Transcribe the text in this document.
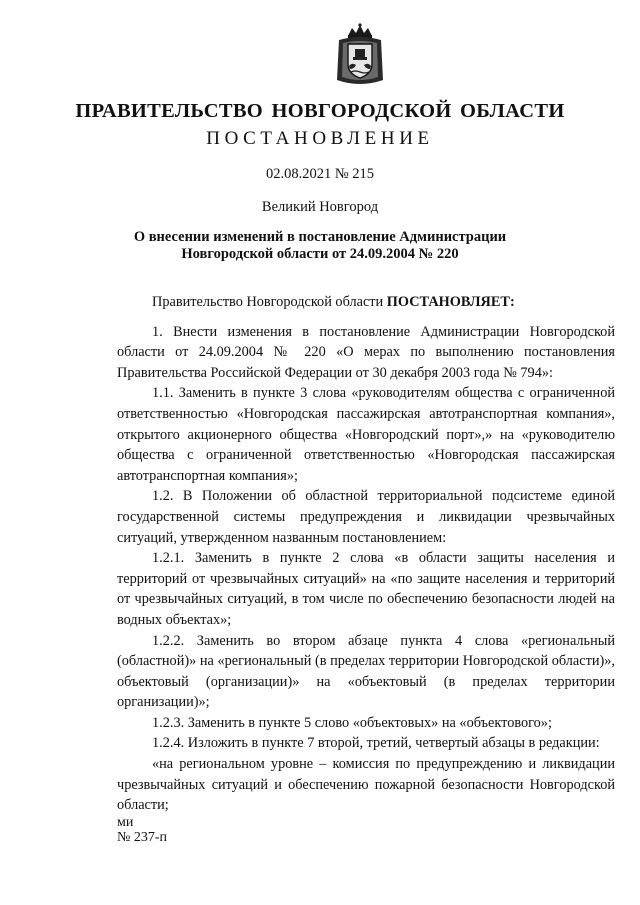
ПРАВИТЕЛЬСТВО НОВГОРОДСКОЙ ОБЛАСТИ
ПОСТАНОВЛЕНИЕ
02.08.2021 № 215
Великий Новгород
О внесении изменений в постановление Администрации
Новгородской области от 24.09.2004 № 220

Правительство Новгородской области ПОСТАНОВЛЯЕТ:

1. Внести изменения в постановление Администрации Новгородской области от 24.09.2004 № 220 «О мерах по выполнению постановления Правительства Российской Федерации от 30 декабря 2003 года № 794»:

1.1. Заменить в пункте 3 слова «руководителям общества с ограниченной ответственностью «Новгородская пассажирская автотранспортная компания», открытого акционерного общества «Новгородский порт»,» на «руководителю общества с ограниченной ответственностью «Новгородская пассажирская автотранспортная компания»;

1.2. В Положении об областной территориальной подсистеме единой государственной системы предупреждения и ликвидации чрезвычайных ситуаций, утвержденном названным постановлением:

1.2.1. Заменить в пункте 2 слова «в области защиты населения и территорий от чрезвычайных ситуаций» на «по защите населения и территорий от чрезвычайных ситуаций, в том числе по обеспечению безопасности людей на водных объектах»;

1.2.2. Заменить во втором абзаце пункта 4 слова «региональный (областной)» на «региональный (в пределах территории Новгородской области)», объектовый (организации)» на «объектовый (в пределах территории организации)»;

1.2.3. Заменить в пункте 5 слово «объектовых» на «объектового»;

1.2.4. Изложить в пункте 7 второй, третий, четвертый абзацы в редакции:

«на региональном уровне – комиссия по предупреждению и ликвидации чрезвычайных ситуаций и обеспечению пожарной безопасности Новгородской области;

ми
№ 237-п
